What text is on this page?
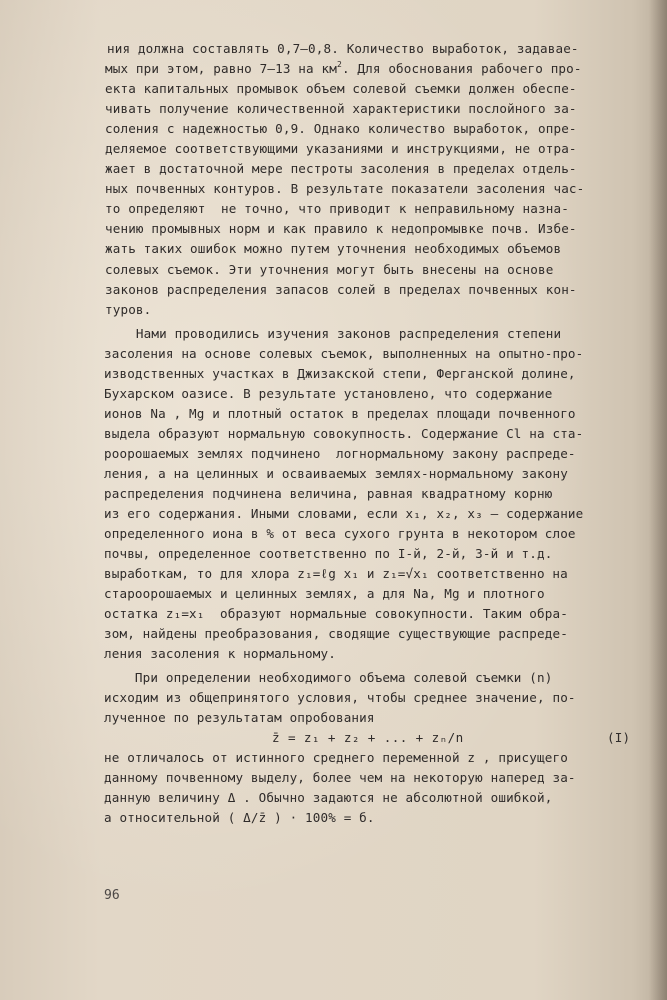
ния должна составлять 0,7–0,8. Количество выработок, задавае-
мых при этом, равно 7–13 на $км^2$. Для обоснования рабочего про-
екта капитальных промывок объем солевой съемки должен обеспе-
чивать получение количественной характеристики послойного за-
соления с надежностью 0,9. Однако количество выработок, опре-
деляемое соответствующими указаниями и инструкциями, не отра-
жает в достаточной мере пестроты засоления в пределах отдель-
ных почвенных контуров. В результате показатели засоления час-
то определяют  не точно, что приводит к неправильному назна-
чению промывных норм и как правило к недопромывке почв. Избе-
жать таких ошибок можно путем уточнения необходимых объемов
солевых съемок. Эти уточнения могут быть внесены на основе
законов распределения запасов солей в пределах почвенных кон-
туров.
Нами проводились изучения законов распределения степени
засоления на основе солевых съемок, выполненных на опытно-про-
изводственных участках в Джизакской степи, Ферганской долине,
Бухарском оазисе. В результате установлено, что содержание
ионов Na , Mg и плотный остаток в пределах площади почвенного
выдела образуют нормальную совокупность. Содержание Cl на ста-
роорошаемых землях подчинено  логнормальному закону распреде-
ления, а на целинных и осваиваемых землях-нормальному закону
распределения подчинена величина, равная квадратному корню
из его содержания. Иными словами, если x₁, x₂, x₃ – содержание
определенного иона в % от веса сухого грунта в некотором слое
почвы, определенное соответственно по I-й, 2-й, 3-й и т.д.
выработкам, то для хлора z₁=ℓg x₁ и z₁=√x₁ соответственно на
староорошаемых и целинных землях, а для Na, Mg и плотного
остатка z₁=x₁  образуют нормальные совокупности. Таким обра-
зом, найдены преобразования, сводящие существующие распреде-
ления засоления к нормальному.
При определении необходимого объема солевой съемки (n)
исходим из общепринятого условия, чтобы среднее значение, по-
лученное по результатам опробования
z̄ = z₁ + z₂ + ... + zₙ/n	(I)
не отличалось от истинного среднего переменной z , присущего
данному почвенному выделу, более чем на некоторую наперед за-
данную величину Δ . Обычно задаются не абсолютной ошибкой,
а относительной ( Δ/z̄ ) · 100% = б.
96
